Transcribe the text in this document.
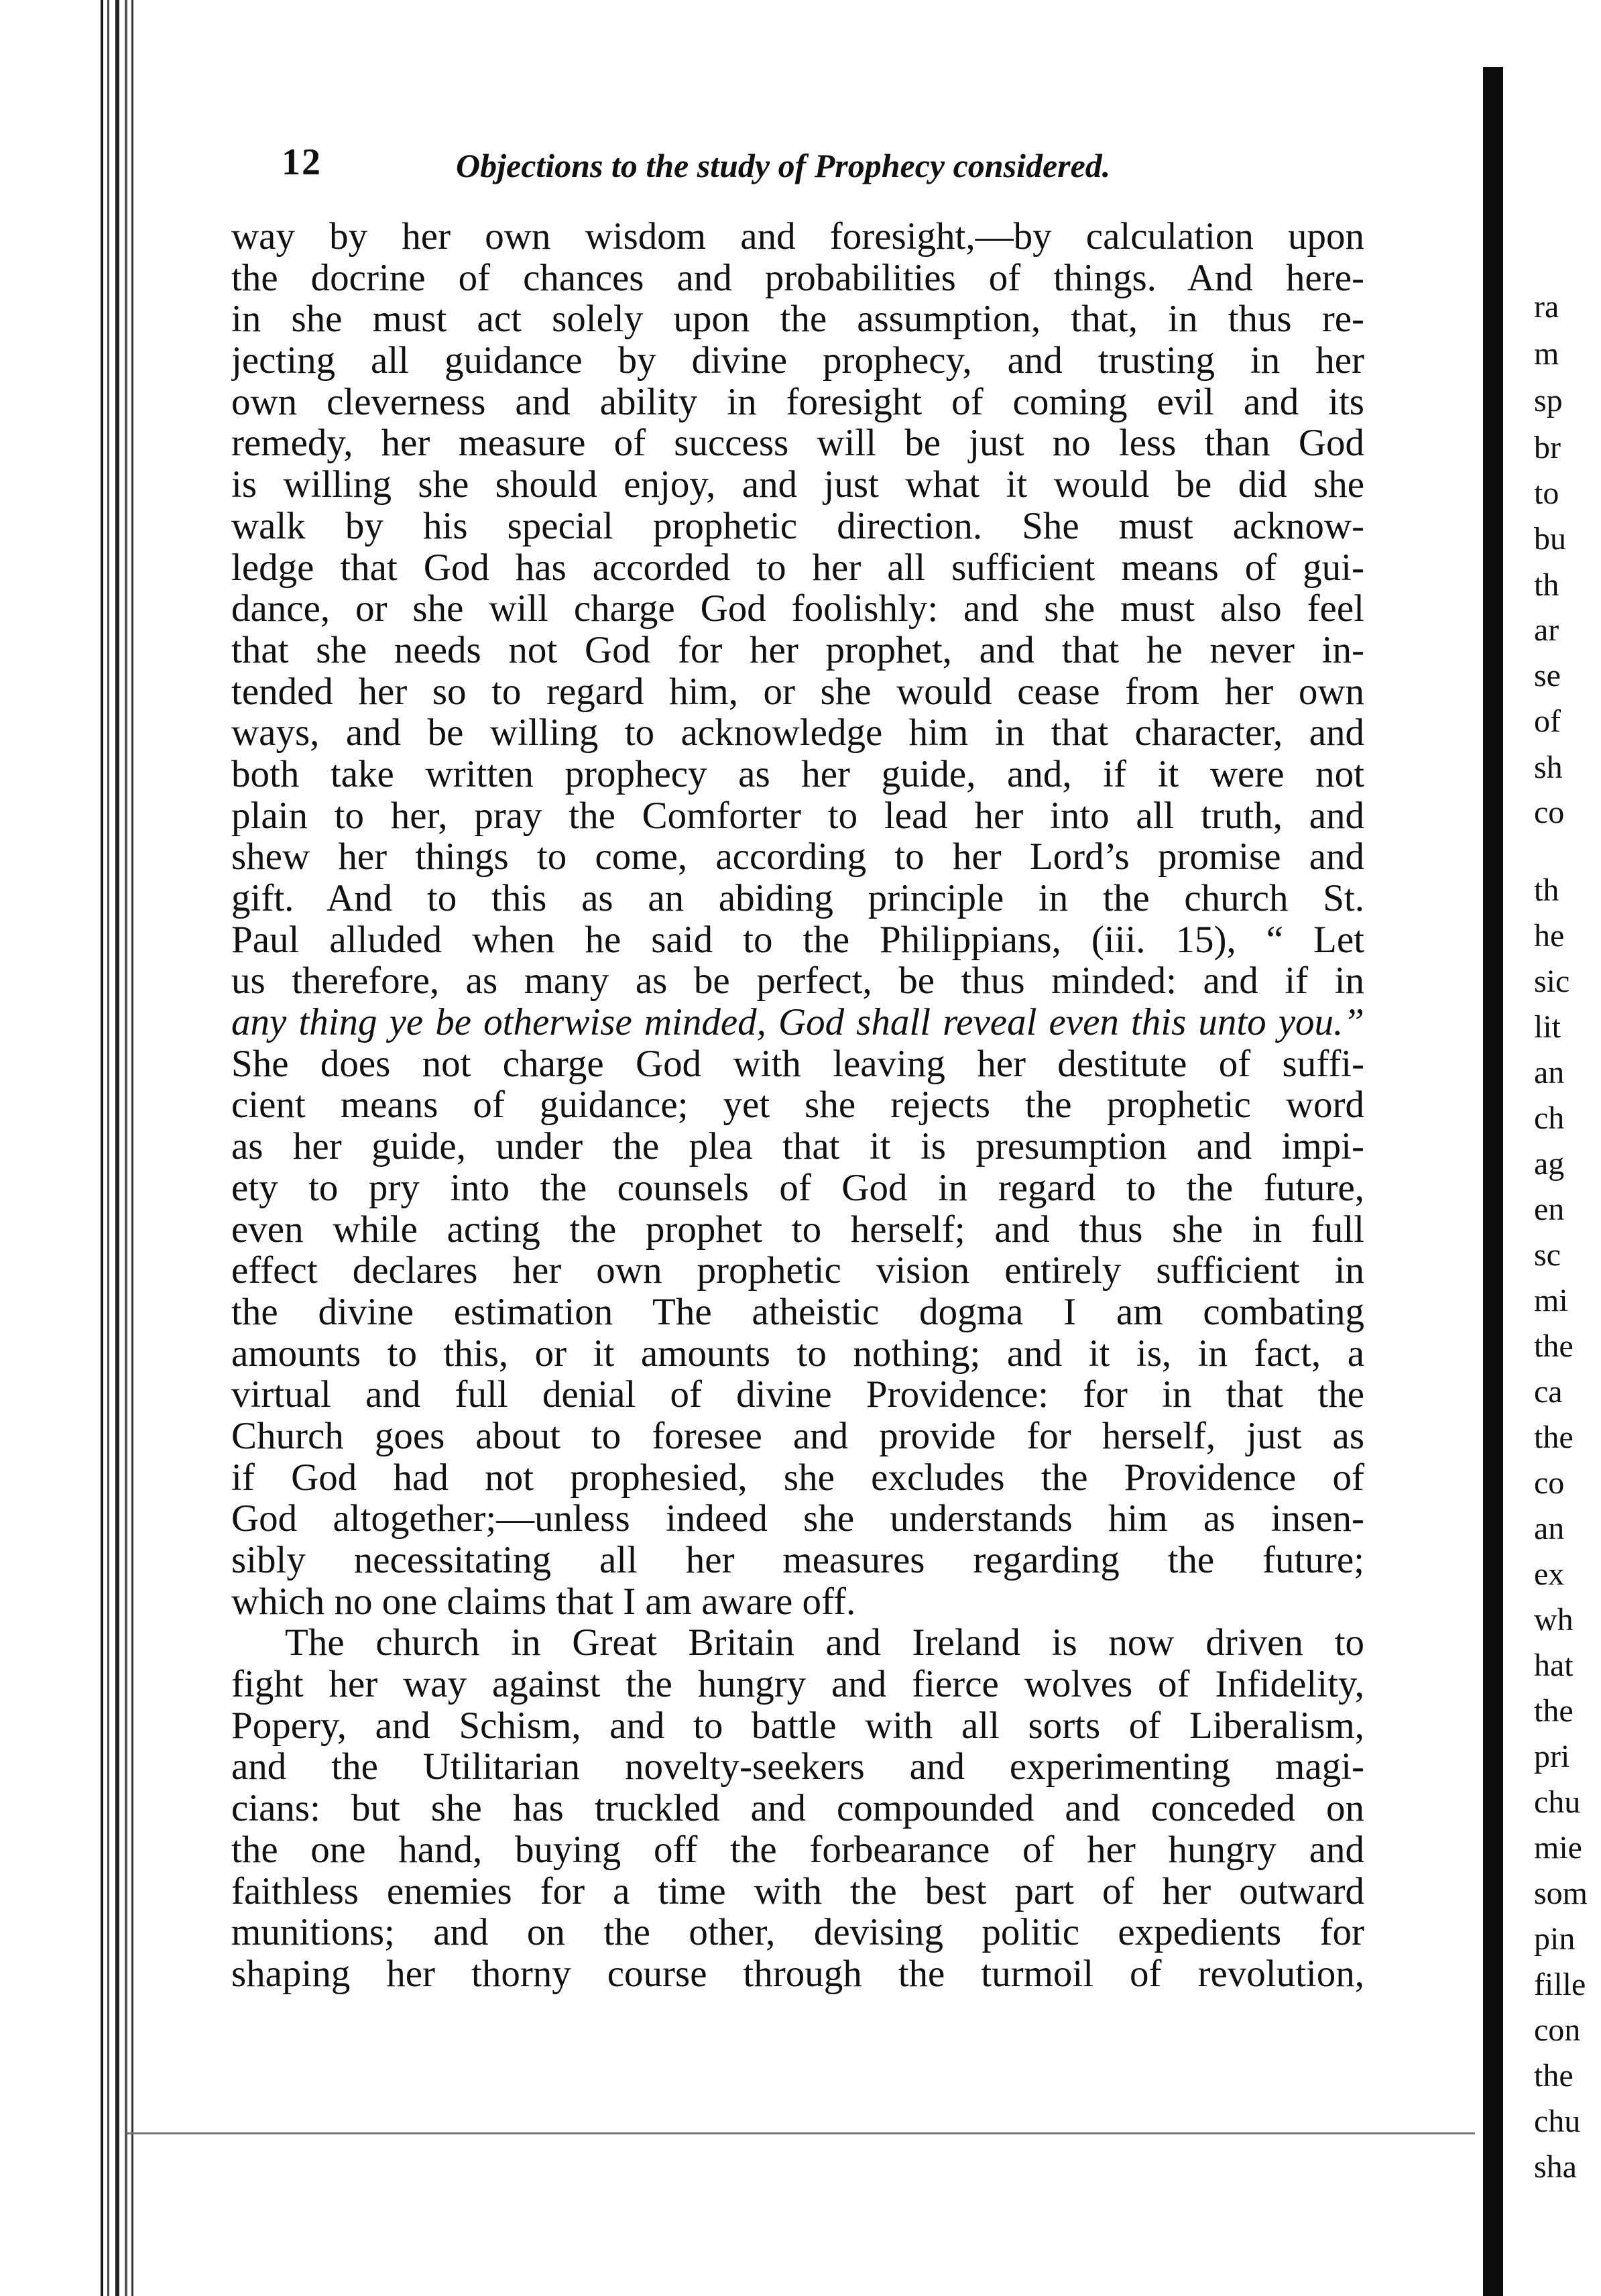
12	Objections to the study of Prophecy considered.
way by her own wisdom and foresight,—by calculation upon
the docrine of chances and probabilities of things. And here-
in she must act solely upon the assumption, that, in thus re-
jecting all guidance by divine prophecy, and trusting in her
own cleverness and ability in foresight of coming evil and its
remedy, her measure of success will be just no less than God
is willing she should enjoy, and just what it would be did she
walk by his special prophetic direction. She must acknow-
ledge that God has accorded to her all sufficient means of gui-
dance, or she will charge God foolishly: and she must also feel
that she needs not God for her prophet, and that he never in-
tended her so to regard him, or she would cease from her own
ways, and be willing to acknowledge him in that character, and
both take written prophecy as her guide, and, if it were not
plain to her, pray the Comforter to lead her into all truth, and
shew her things to come, according to her Lord’s promise and
gift. And to this as an abiding principle in the church St.
Paul alluded when he said to the Philippians, (iii. 15), “ Let
us therefore, as many as be perfect, be thus minded: and if in
any thing ye be otherwise minded, God shall reveal even this unto you.”
She does not charge God with leaving her destitute of suffi-
cient means of guidance; yet she rejects the prophetic word
as her guide, under the plea that it is presumption and impi-
ety to pry into the counsels of God in regard to the future,
even while acting the prophet to herself; and thus she in full
effect declares her own prophetic vision entirely sufficient in
the divine estimation The atheistic dogma I am combating
amounts to this, or it amounts to nothing; and it is, in fact, a
virtual and full denial of divine Providence: for in that the
Church goes about to foresee and provide for herself, just as
if God had not prophesied, she excludes the Providence of
God altogether;—unless indeed she understands him as insen-
sibly necessitating all her measures regarding the future;
which no one claims that I am aware off.
The church in Great Britain and Ireland is now driven to
fight her way against the hungry and fierce wolves of Infidelity,
Popery, and Schism, and to battle with all sorts of Liberalism,
and the Utilitarian novelty-seekers and experimenting magi-
cians: but she has truckled and compounded and conceded on
the one hand, buying off the forbearance of her hungry and
faithless enemies for a time with the best part of her outward
munitions; and on the other, devising politic expedients for
shaping her thorny course through the turmoil of revolution,
ra
m
sp
br
to
bu
th
ar
se
of
sh
co
th
he
sic
lit
an
ch
ag
en
sc
mi
the
ca
the
co
an
ex
wh
hat
the
pri
chu
mie
som
pin
fille
con
the
chu
sha
